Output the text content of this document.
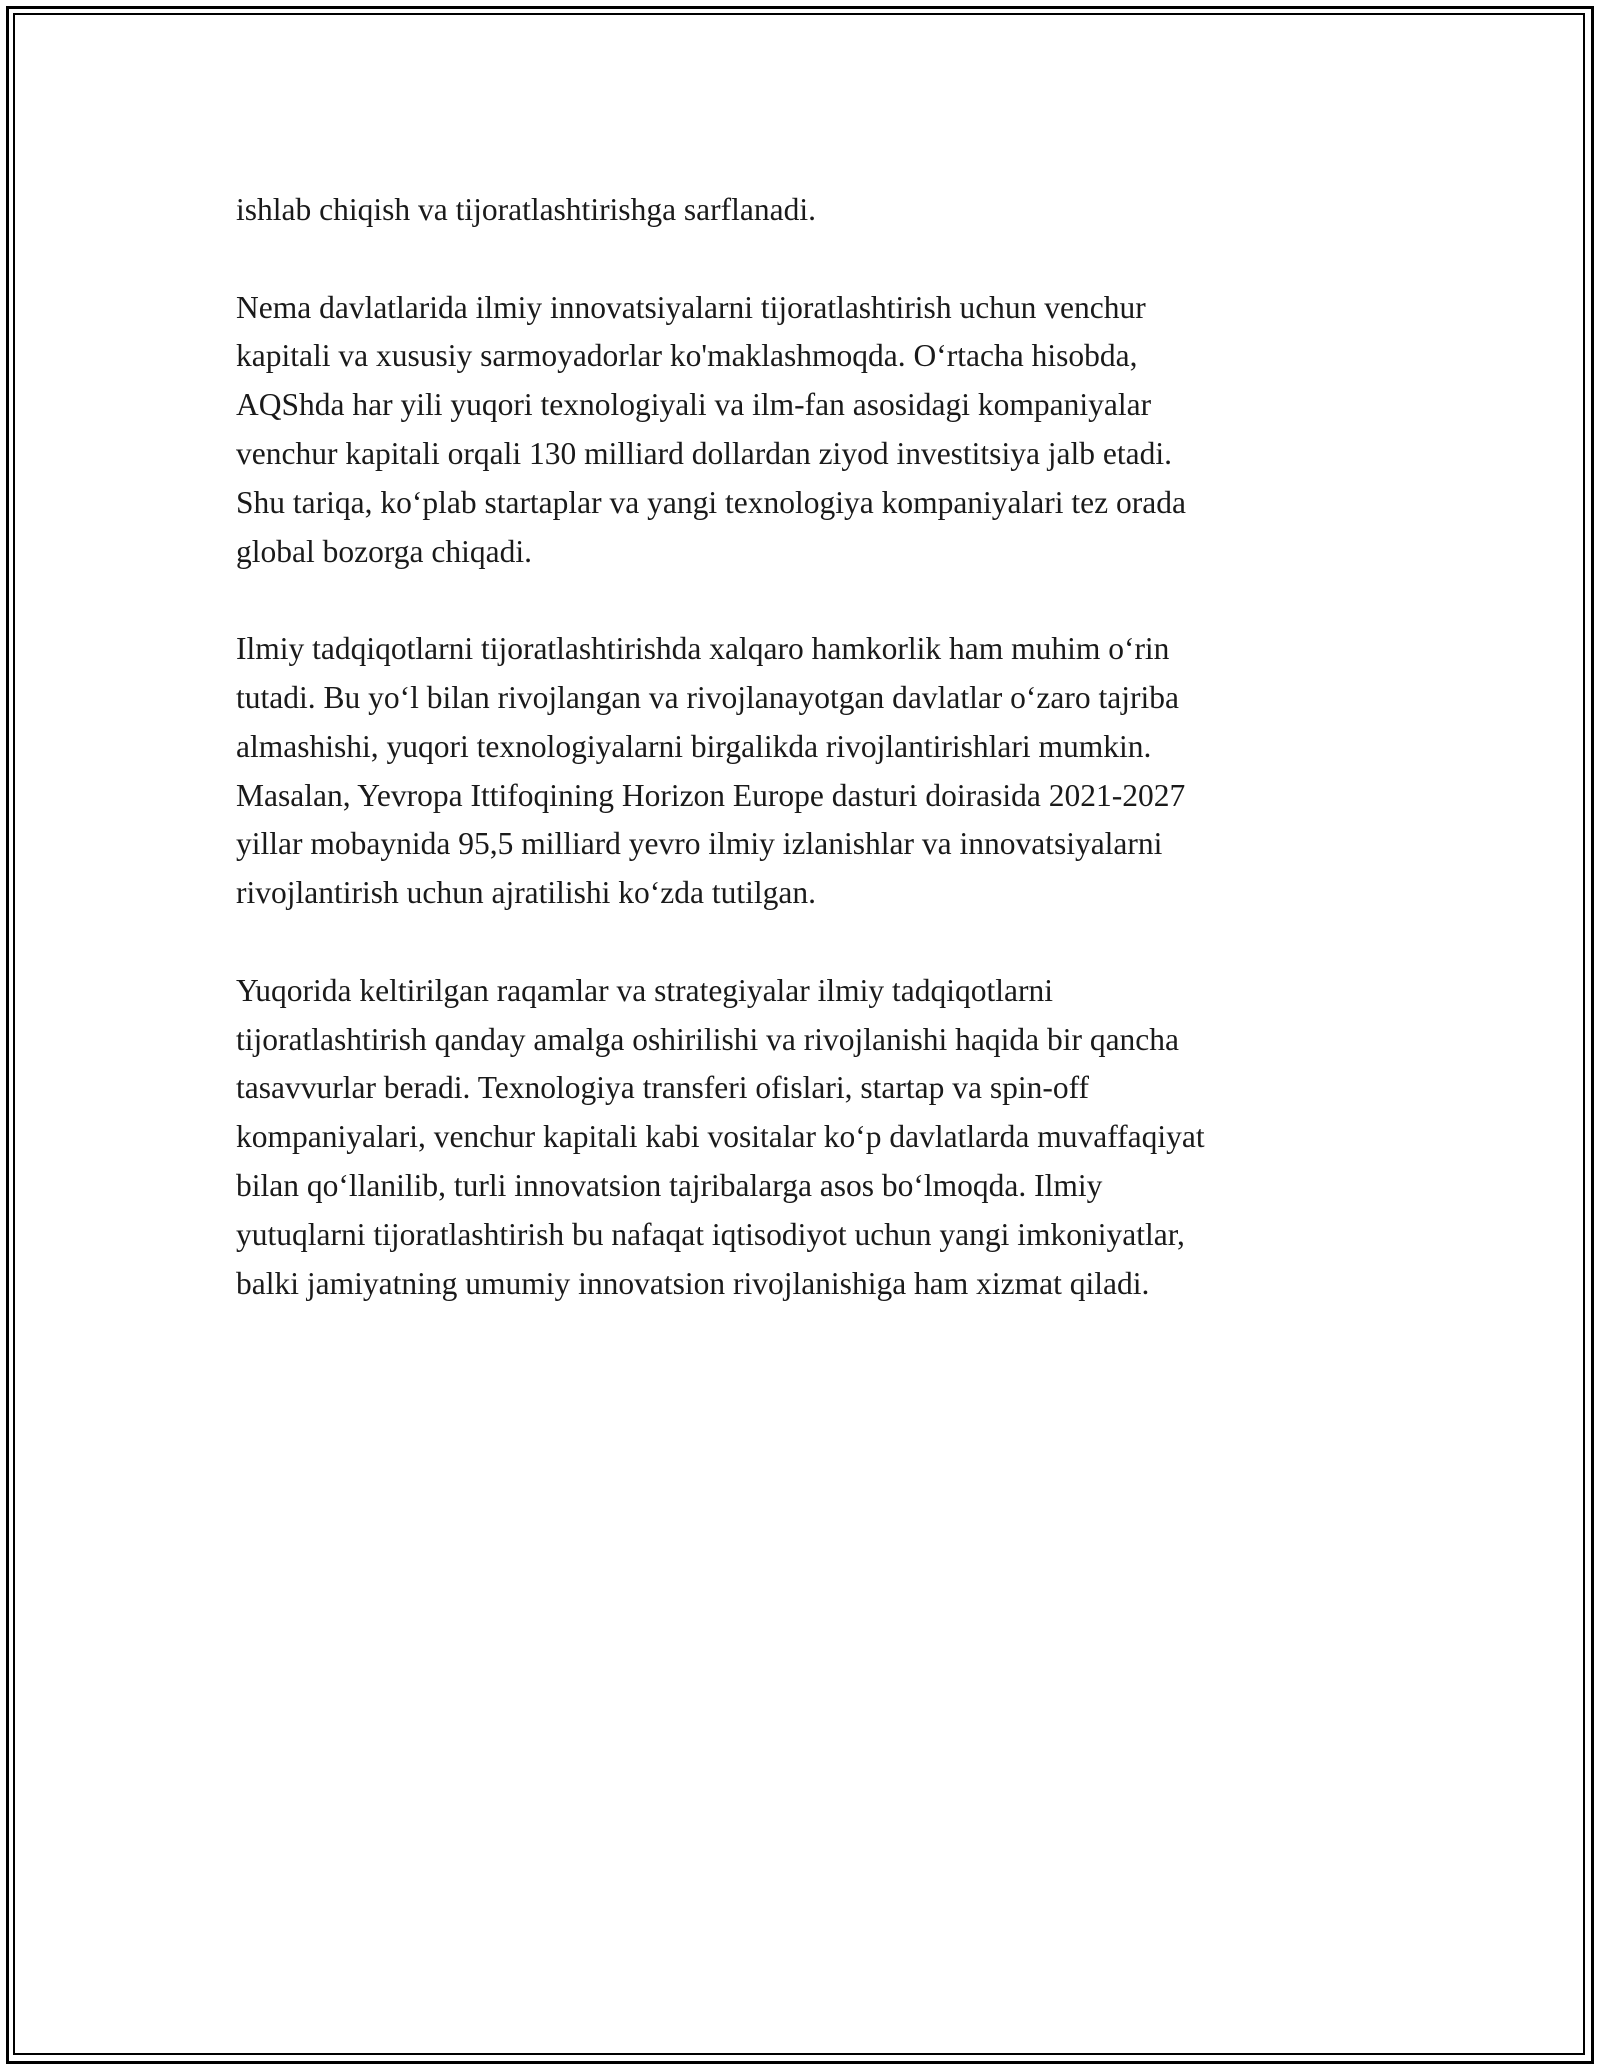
ishlab chiqish va tijoratlashtirishga sarflanadi.

Nema davlatlarida ilmiy innovatsiyalarni tijoratlashtirish uchun venchur
kapitali va xususiy sarmoyadorlar ko'maklashmoqda. O‘rtacha hisobda,
AQShda har yili yuqori texnologiyali va ilm-fan asosidagi kompaniyalar
venchur kapitali orqali 130 milliard dollardan ziyod investitsiya jalb etadi.
Shu tariqa, ko‘plab startaplar va yangi texnologiya kompaniyalari tez orada
global bozorga chiqadi.

Ilmiy tadqiqotlarni tijoratlashtirishda xalqaro hamkorlik ham muhim o‘rin
tutadi. Bu yo‘l bilan rivojlangan va rivojlanayotgan davlatlar o‘zaro tajriba
almashishi, yuqori texnologiyalarni birgalikda rivojlantirishlari mumkin.
Masalan, Yevropa Ittifoqining Horizon Europe dasturi doirasida 2021-2027
yillar mobaynida 95,5 milliard yevro ilmiy izlanishlar va innovatsiyalarni
rivojlantirish uchun ajratilishi ko‘zda tutilgan.

Yuqorida keltirilgan raqamlar va strategiyalar ilmiy tadqiqotlarni
tijoratlashtirish qanday amalga oshirilishi va rivojlanishi haqida bir qancha
tasavvurlar beradi. Texnologiya transferi ofislari, startap va spin-off
kompaniyalari, venchur kapitali kabi vositalar ko‘p davlatlarda muvaffaqiyat
bilan qo‘llanilib, turli innovatsion tajribalarga asos bo‘lmoqda. Ilmiy
yutuqlarni tijoratlashtirish bu nafaqat iqtisodiyot uchun yangi imkoniyatlar,
balki jamiyatning umumiy innovatsion rivojlanishiga ham xizmat qiladi.
